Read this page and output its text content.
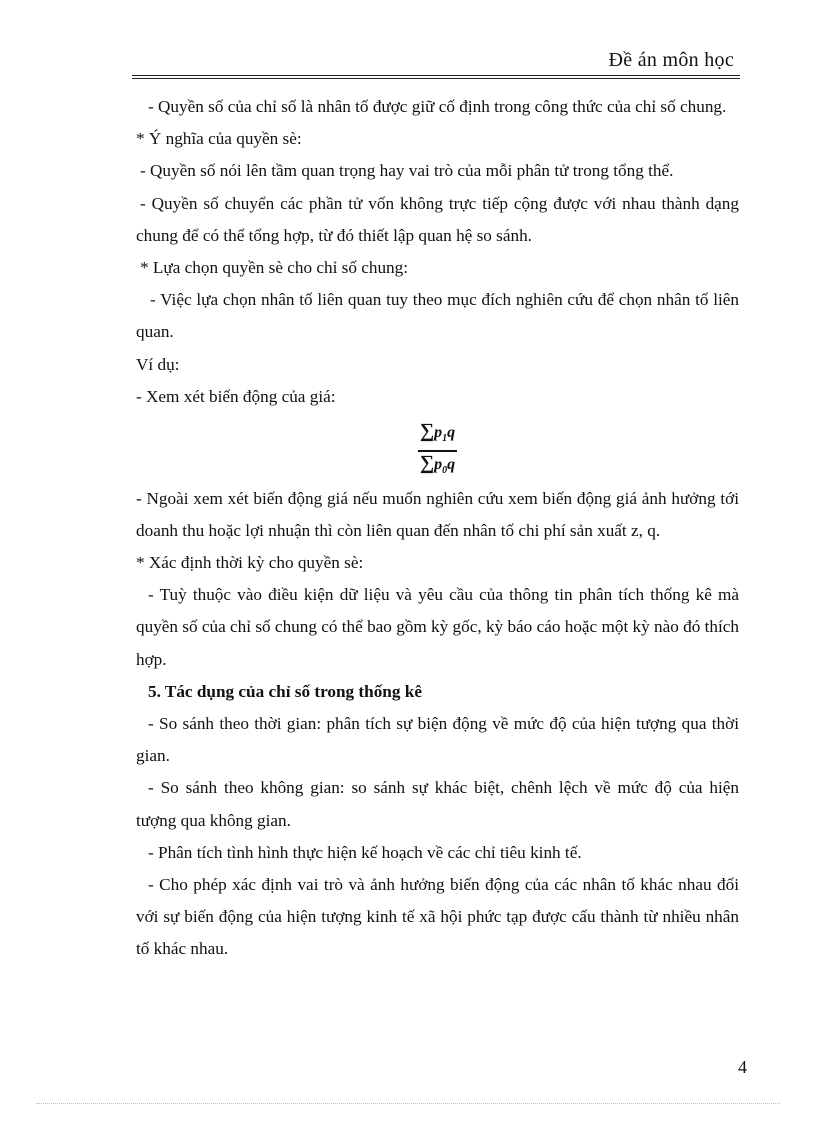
Đề án môn học

- Quyền số của chỉ số là nhân tố được giữ cố định trong công thức của chỉ số chung.

* Ý nghĩa của quyền sè:

- Quyền số nói lên tầm quan trọng hay vai trò của mỗi phân tử trong tổng thể.

- Quyền số chuyển các phần tử vốn không trực tiếp cộng được với nhau thành dạng chung để có thể tổng hợp, từ đó thiết lập quan hệ so sánh.

* Lựa chọn quyền sè cho chỉ số chung:

- Việc lựa chọn nhân tố liên quan tuy theo mục đích nghiên cứu để chọn nhân tố liên quan.

Ví dụ:

- Xem xét biến động của giá:

$\frac{\sum p_1q}{\sum p_0q}$

- Ngoài xem xét biến động giá nếu muốn nghiên cứu xem biến động giá ảnh hưởng tới doanh thu hoặc lợi nhuận thì còn liên quan đến nhân tố chi phí sản xuất z, q.

* Xác định thời kỳ cho quyền sè:

- Tuỳ thuộc vào điều kiện dữ liệu và yêu cầu của thông tin phân tích thống kê mà quyền số của chỉ số chung có thể bao gồm kỳ gốc, kỳ báo cáo hoặc một kỳ nào đó thích hợp.

5. Tác dụng của chỉ số trong thống kê

- So sánh theo thời gian: phân tích sự biện động về mức độ của hiện tượng qua thời gian.

- So sánh theo không gian: so sánh sự khác biệt, chênh lệch về mức độ của hiện tượng qua không gian.

- Phân tích tình hình thực hiện kế hoạch về các chỉ tiêu kinh tế.

- Cho phép xác định vai trò và ảnh hưởng biến động của các nhân tố khác nhau đối với sự biến động của hiện tượng kinh tế xã hội phức tạp được cấu thành từ nhiều nhân tố khác nhau.

4
